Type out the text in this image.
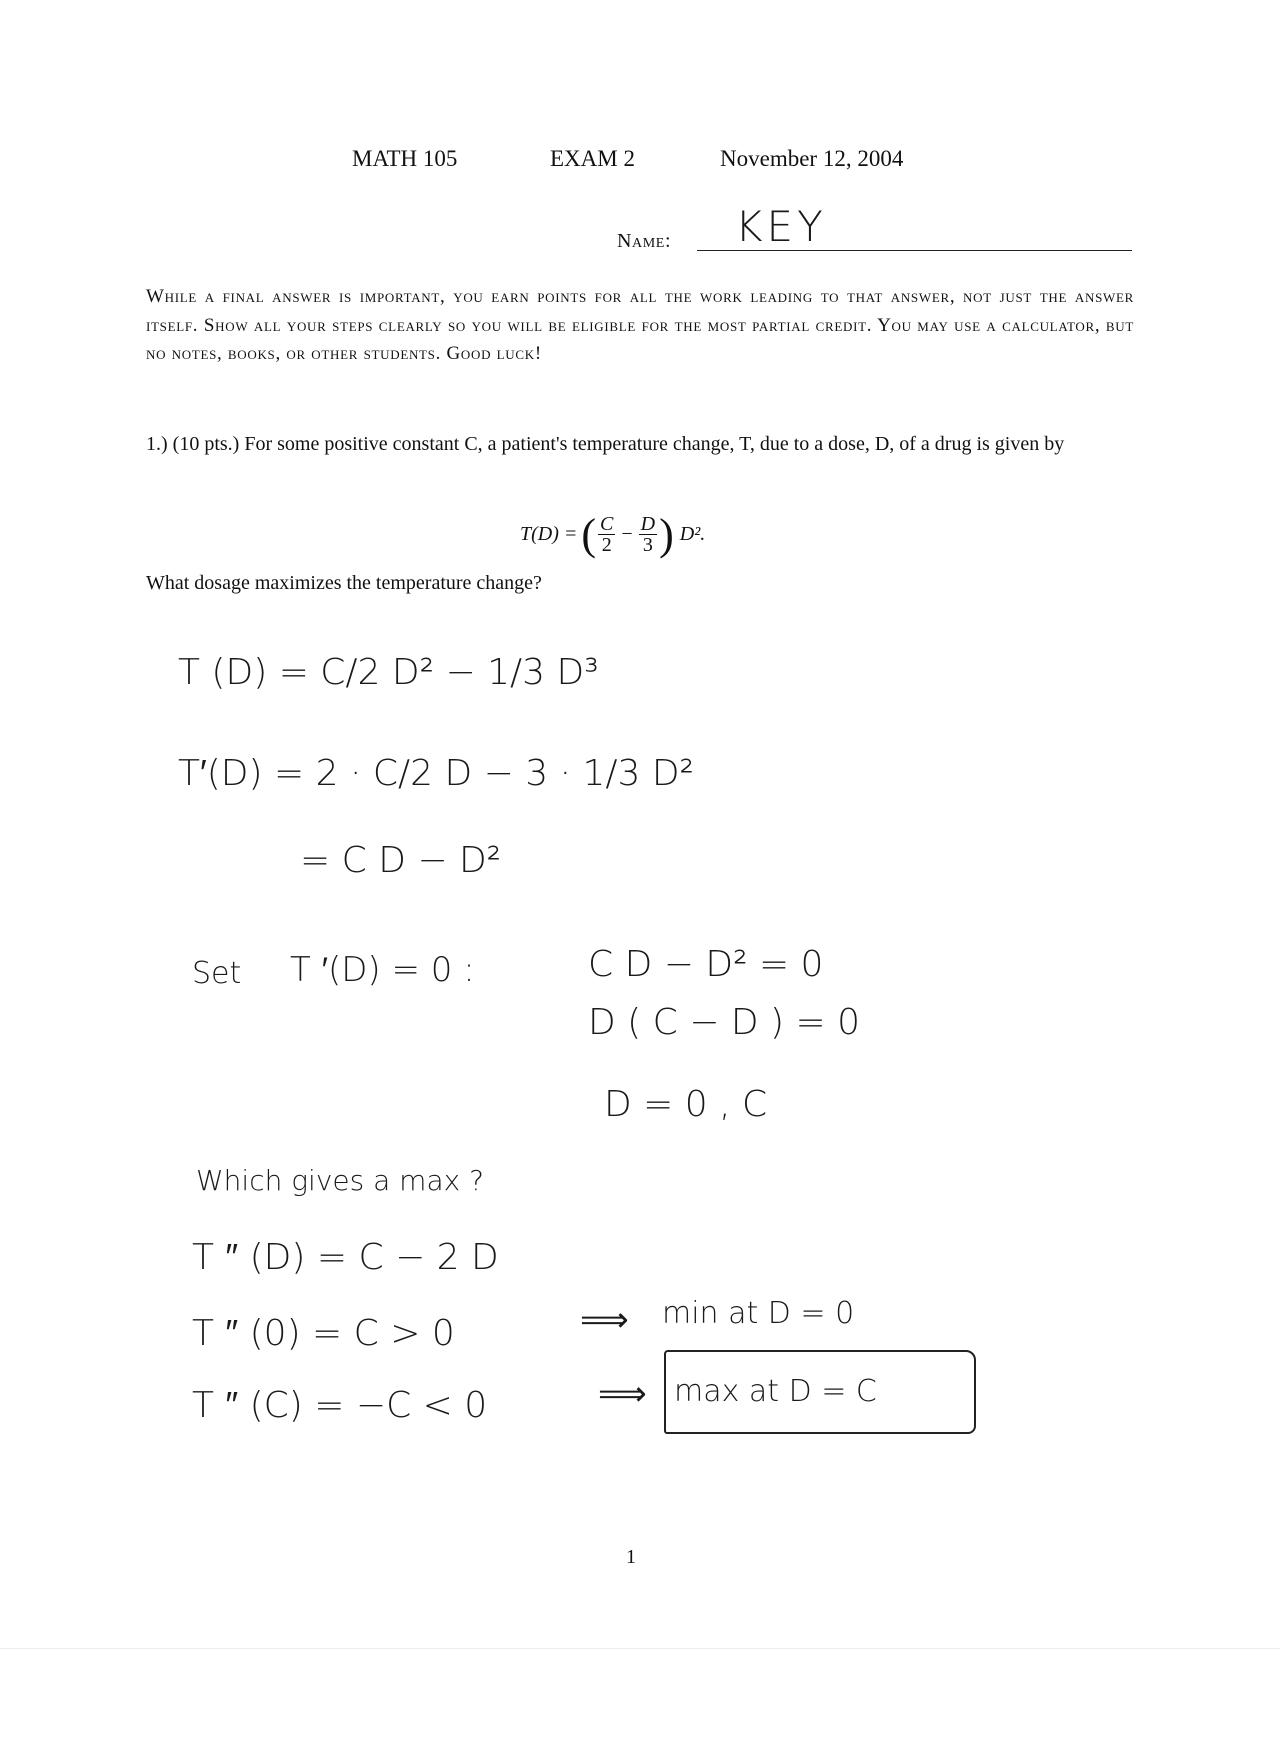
MATH 105	EXAM 2	November 12, 2004
Name: KEY
While a final answer is important, you earn points for all the work leading to that answer, not just the answer itself. Show all your steps clearly so you will be eligible for the most partial credit. You may use a calculator, but no notes, books, or other students. Good luck!
1.) (10 pts.) For some positive constant C, a patient's temperature change, T, due to a dose, D, of a drug is given by
T(D) = ( $\frac{C}{2} - \frac{D}{3}$ ) D².
What dosage maximizes the temperature change?
T (D) = C/2 D² − 1/3 D³
T′(D) = 2 · C/2 D − 3 · 1/3 D²
= C D − D²
Set T ′(D) = 0 :	C D − D² = 0
D ( C − D ) = 0
D = 0 , C
Which gives a max ?
T ″ (D) = C − 2 D
T ″ (0) = C > 0	⟹ min at D = 0
T ″ (C) = −C < 0	⟹ max at D = C
1
